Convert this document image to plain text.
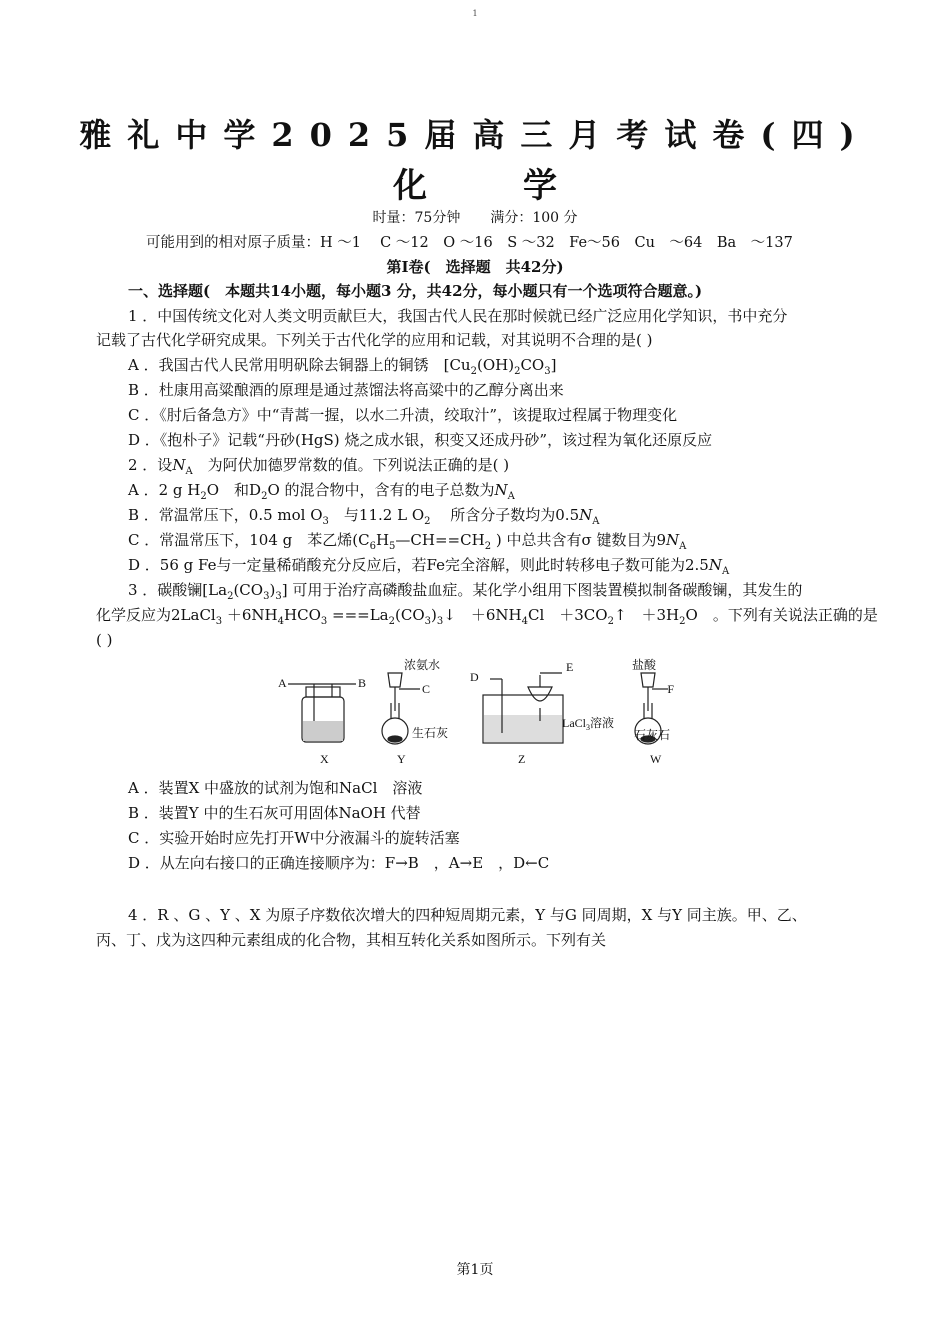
1
雅礼中学2025届高三月考试卷(四)
化	学
时量：75分钟 满分：100 分
可能用到的相对原子质量：H ～1　 C ～12　O ～16　S ～32　Fe～56　Cu　～64　Ba　～137
第Ⅰ卷(　选择题　共42分)
一、选择题(　本题共14小题，每小题3 分，共42分，每小题只有一个选项符合题意。)
1 ．中国传统文化对人类文明贡献巨大，我国古代人民在那时候就已经广泛应用化学知识，书中充分
记载了古代化学研究成果。下列关于古代化学的应用和记载，对其说明不合理的是( )
A ．我国古代人民常用明矾除去铜器上的铜锈　$[Cu_2(OH)_2CO_3]$
B ．杜康用高粱酿酒的原理是通过蒸馏法将高粱中的乙醇分离出来
C ．《肘后备急方》中“青蒿一握，以水二升渍，绞取汁”，该提取过程属于物理变化
D ．《抱朴子》记载“丹砂(HgS) 烧之成水银，积变又还成丹砂”，该过程为氧化还原反应
2 ．设$N_A$　为阿伏加德罗常数的值。下列说法正确的是( )
A ．2 g $H_2O$　和$D_2O$ 的混合物中，含有的电子总数为$N_A$
B ．常温常压下，0.5 mol $O_3$　与11.2 L $O_2$　 所含分子数均为$0.5N_A$
C ．常温常压下，104 g　苯乙烯($C_6H_5—CH==CH_2$ ) 中总共含有σ 键数目为$9N_A$
D ．56 g Fe与一定量稀硝酸充分反应后，若Fe完全溶解，则此时转移电子数可能为$2.5N_A$
3 ．碳酸镧$[La_2(CO_3)_3]$ 可用于治疗高磷酸盐血症。某化学小组用下图装置模拟制备碳酸镧，其发生的
化学反应为2LaCl$_3$ $+6NH_4HCO_3$ $===La_2(CO_3)_3↓$　$+6NH_4Cl$　$+3CO_2↑$　$+3H_2O$　。下列有关说法正确的是
( )
A	B	C
D
E
F
浓氨水
生石灰
LaCl$_3$溶液
盐酸
石灰石
X	Y	Z	W
A ．装置X 中盛放的试剂为饱和NaCl　溶液
B ．装置Y 中的生石灰可用固体NaOH 代替
C ．实验开始时应先打开W中分液漏斗的旋转活塞
D ．从左向右接口的正确连接顺序为：F→B　，A→E　，D←C
4 ．R 、G 、Y 、X 为原子序数依次增大的四种短周期元素，Y 与G 同周期，X 与Y 同主族。甲、乙、
丙、丁、戊为这四种元素组成的化合物，其相互转化关系如图所示。下列有关
第1页
